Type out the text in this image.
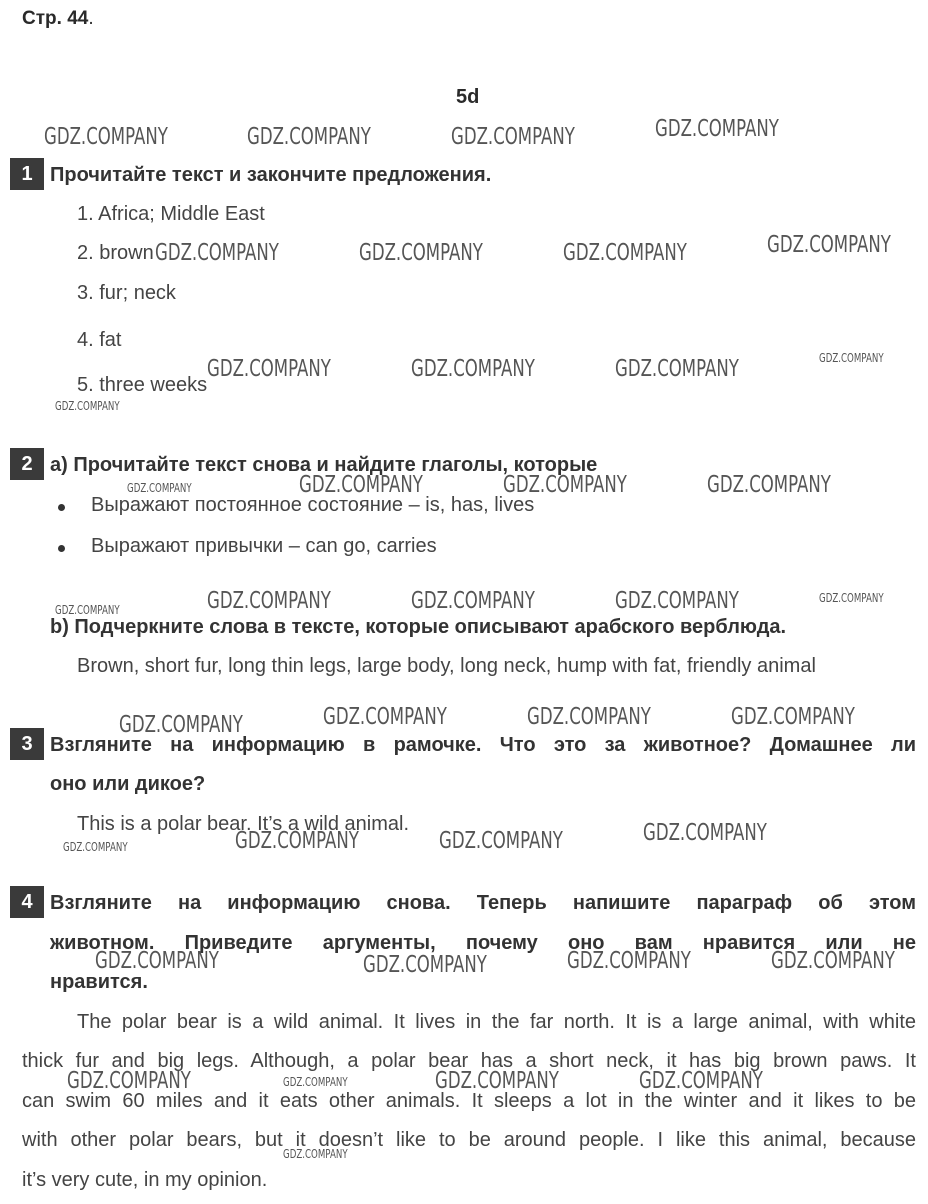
Стр. 44.
5d
1 Прочитайте текст и закончите предложения.
1. Africa; Middle East
2. brown
3. fur; neck
4. fat
5. three weeks
2 a) Прочитайте текст снова и найдите глаголы, которые
Выражают постоянное состояние – is, has, lives
Выражают привычки – can go, carries
b) Подчеркните слова в тексте, которые описывают арабского верблюда.
Brown, short fur, long thin legs, large body, long neck, hump with fat, friendly animal
3 Взгляните на информацию в рамочке. Что это за животное? Домашнее ли
оно или дикое?
This is a polar bear. It’s a wild animal.
4 Взгляните на информацию снова. Теперь напишите параграф об этом
животном. Приведите аргументы, почему оно вам нравится или не
нравится.
The polar bear is a wild animal. It lives in the far north. It is a large animal, with white
thick fur and big legs. Although, a polar bear has a short neck, it has big brown paws. It
can swim 60 miles and it eats other animals. It sleeps a lot in the winter and it likes to be
with other polar bears, but it doesn’t like to be around people. I like this animal, because
it’s very cute, in my opinion.
GDZ.COMPANY	GDZ.COMPANY	GDZ.COMPANY	GDZ.COMPANY
GDZ.COMPANY	GDZ.COMPANY	GDZ.COMPANY	GDZ.COMPANY
GDZ.COMPANY	GDZ.COMPANY	GDZ.COMPANY	GDZ.COMPANY
GDZ.COMPANY
GDZ.COMPANY	GDZ.COMPANY	GDZ.COMPANY	GDZ.COMPANY
GDZ.COMPANY	GDZ.COMPANY	GDZ.COMPANY	GDZ.COMPANY	GDZ.COMPANY
GDZ.COMPANY	GDZ.COMPANY	GDZ.COMPANY	GDZ.COMPANY
GDZ.COMPANY	GDZ.COMPANY	GDZ.COMPANY	GDZ.COMPANY
GDZ.COMPANY	GDZ.COMPANY	GDZ.COMPANY	GDZ.COMPANY
GDZ.COMPANY	GDZ.COMPANY	GDZ.COMPANY	GDZ.COMPANY
GDZ.COMPANY
